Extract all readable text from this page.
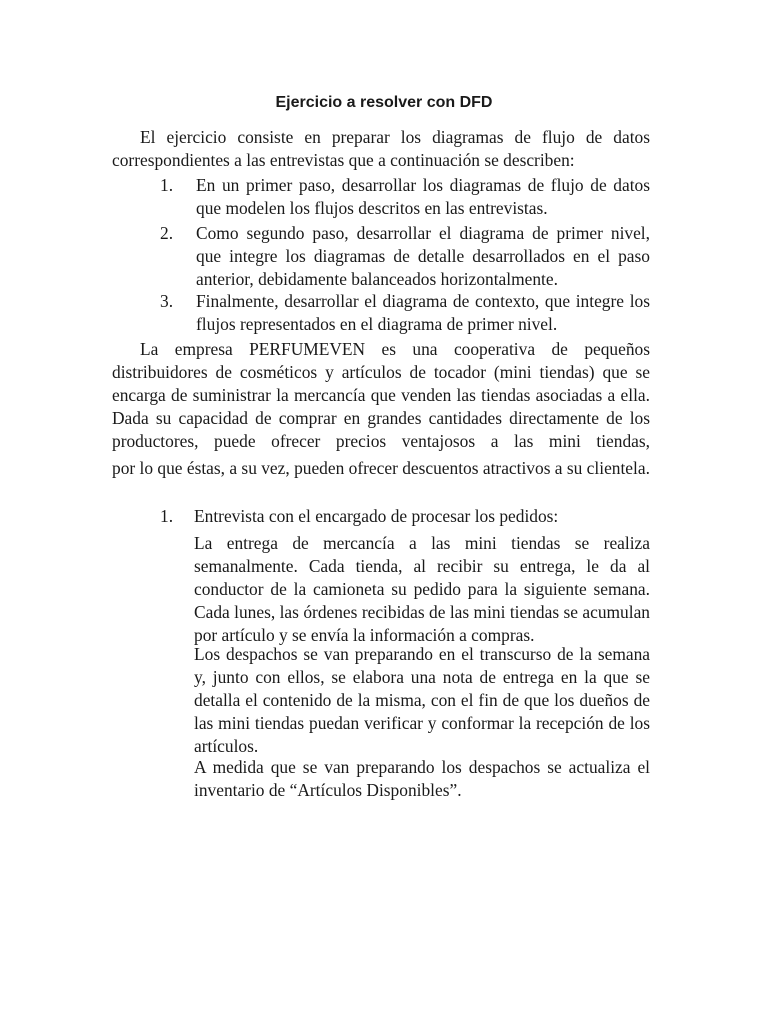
Ejercicio a resolver con DFD

El ejercicio consiste en preparar los diagramas de flujo de datos correspondientes a las entrevistas que a continuación se describen:

1.	En un primer paso, desarrollar los diagramas de flujo de datos que modelen los flujos descritos en las entrevistas.
2.	Como segundo paso, desarrollar el diagrama de primer nivel, que integre los diagramas de detalle desarrollados en el paso anterior, debidamente balanceados horizontalmente.
3.	Finalmente, desarrollar el diagrama de contexto, que integre los flujos representados en el diagrama de primer nivel.

La empresa PERFUMEVEN es una cooperativa de pequeños distribuidores de cosméticos y artículos de tocador (mini tiendas) que se encarga de suministrar la mercancía que venden las tiendas asociadas a ella. Dada su capacidad de comprar en grandes cantidades directamente de los productores, puede ofrecer precios ventajosos a las mini tiendas,

por lo que éstas, a su vez, pueden ofrecer descuentos atractivos a su clientela.

1. Entrevista con el encargado de procesar los pedidos:

La entrega de mercancía a las mini tiendas se realiza semanalmente. Cada tienda, al recibir su entrega, le da al conductor de la camioneta su pedido para la siguiente semana. Cada lunes, las órdenes recibidas de las mini tiendas se acumulan por artículo y se envía la información a compras.

Los despachos se van preparando en el transcurso de la semana y, junto con ellos, se elabora una nota de entrega en la que se detalla el contenido de la misma, con el fin de que los dueños de las mini tiendas puedan verificar y conformar la recepción de los artículos.

A medida que se van preparando los despachos se actualiza el inventario de “Artículos Disponibles”.
